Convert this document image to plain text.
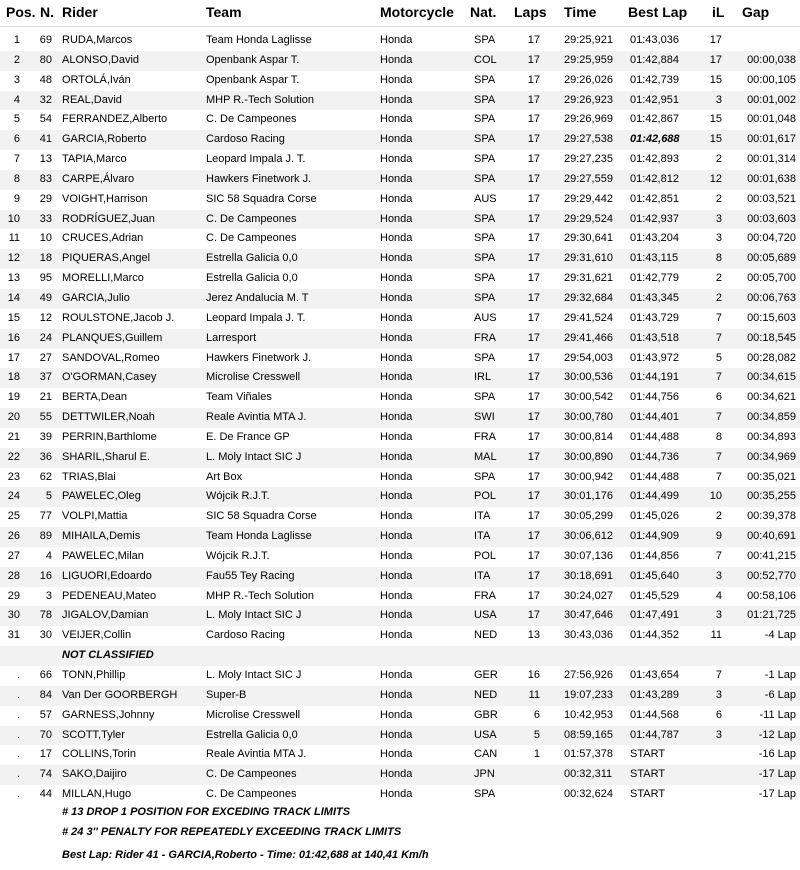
Pos. N. Rider	Team	Motorcycle Nat. Laps Time Best Lap iL Gap
1	69 RUDA,Marcos	Team Honda Laglisse	Honda	SPA	17 29:25,921	01:43,036	17
2	80 ALONSO,David	Openbank Aspar T.	Honda	COL	17 29:25,959	01:42,884	17	00:00,038
3	48 ORTOLÁ,Iván	Openbank Aspar T.	Honda	SPA	17 29:26,026	01:42,739	15	00:00,105
4	32 REAL,David	MHP R.-Tech Solution	Honda	SPA	17 29:26,923	01:42,951	3	00:01,002
5	54 FERRANDEZ,Alberto	C. De Campeones	Honda	SPA	17 29:26,969	01:42,867	15	00:01,048
6	41 GARCIA,Roberto	Cardoso Racing	Honda	SPA	17 29:27,538	01:42,688	15	00:01,617
7	13 TAPIA,Marco	Leopard Impala J. T.	Honda	SPA	17 29:27,235	01:42,893	2	00:01,314
8	83 CARPE,Álvaro	Hawkers Finetwork J.	Honda	SPA	17 29:27,559	01:42,812	12	00:01,638
9	29 VOIGHT,Harrison	SIC 58 Squadra Corse	Honda	AUS	17 29:29,442	01:42,851	2	00:03,521
10	33 RODRÍGUEZ,Juan	C. De Campeones	Honda	SPA	17 29:29,524	01:42,937	3	00:03,603
11	10 CRUCES,Adrian	C. De Campeones	Honda	SPA	17 29:30,641	01:43,204	3	00:04,720
12	18 PIQUERAS,Angel	Estrella Galicia 0,0	Honda	SPA	17 29:31,610	01:43,115	8	00:05,689
13	95 MORELLI,Marco	Estrella Galicia 0,0	Honda	SPA	17 29:31,621	01:42,779	2	00:05,700
14	49 GARCIA,Julio	Jerez Andalucia M. T	Honda	SPA	17 29:32,684	01:43,345	2	00:06,763
15	12 ROULSTONE,Jacob J.	Leopard Impala J. T.	Honda	AUS	17 29:41,524	01:43,729	7	00:15,603
16	24 PLANQUES,Guillem	Larresport	Honda	FRA	17 29:41,466	01:43,518	7	00:18,545
17	27 SANDOVAL,Romeo	Hawkers Finetwork J.	Honda	SPA	17 29:54,003	01:43,972	5	00:28,082
18	37 O'GORMAN,Casey	Microlise Cresswell	Honda	IRL	17 30:00,536	01:44,191	7	00:34,615
19	21 BERTA,Dean	Team Viñales	Honda	SPA	17 30:00,542	01:44,756	6	00:34,621
20	55 DETTWILER,Noah	Reale Avintia MTA J.	Honda	SWI	17 30:00,780	01:44,401	7	00:34,859
21	39 PERRIN,Barthlome	E. De France GP	Honda	FRA	17 30:00,814	01:44,488	8	00:34,893
22	36 SHARIL,Sharul E.	L. Moly Intact SIC J	Honda	MAL	17 30:00,890	01:44,736	7	00:34,969
23	62 TRIAS,Blai	Art Box	Honda	SPA	17 30:00,942	01:44,488	7	00:35,021
24	5 PAWELEC,Oleg	Wójcik R.J.T.	Honda	POL	17 30:01,176	01:44,499	10	00:35,255
25	77 VOLPI,Mattia	SIC 58 Squadra Corse	Honda	ITA	17 30:05,299	01:45,026	2	00:39,378
26	89 MIHAILA,Demis	Team Honda Laglisse	Honda	ITA	17 30:06,612	01:44,909	9	00:40,691
27	4 PAWELEC,Milan	Wójcik R.J.T.	Honda	POL	17 30:07,136	01:44,856	7	00:41,215
28	16 LIGUORI,Edoardo	Fau55 Tey Racing	Honda	ITA	17 30:18,691	01:45,640	3	00:52,770
29	3 PEDENEAU,Mateo	MHP R.-Tech Solution	Honda	FRA	17 30:24,027	01:45,529	4	00:58,106
30	78 JIGALOV,Damian	L. Moly Intact SIC J	Honda	USA	17 30:47,646	01:47,491	3	01:21,725
31	30 VEIJER,Collin	Cardoso Racing	Honda	NED	13 30:43,036	01:44,352	11	-4 Lap
NOT CLASSIFIED
.	66 TONN,Phillip	L. Moly Intact SIC J	Honda	GER	16 27:56,926	01:43,654	7	-1 Lap
.	84 Van Der GOORBERGH	Super-B	Honda	NED	11 19:07,233	01:43,289	3	-6 Lap
.	57 GARNESS,Johnny	Microlise Cresswell	Honda	GBR	6 10:42,953	01:44,568	6	-11 Lap
.	70 SCOTT,Tyler	Estrella Galicia 0,0	Honda	USA	5 08:59,165	01:44,787	3	-12 Lap
.	17 COLLINS,Torin	Reale Avintia MTA J.	Honda	CAN	1 01:57,378	START	-16 Lap
.	74 SAKO,Daijiro	C. De Campeones	Honda	JPN	00:32,311	START	-17 Lap
.	44 MILLAN,Hugo	C. De Campeones	Honda	SPA	00:32,624	START	-17 Lap
# 13 DROP 1 POSITION FOR EXCEDING TRACK LIMITS
# 24 3'' PENALTY FOR REPEATEDLY EXCEEDING TRACK LIMITS
Best Lap: Rider 41 - GARCIA,Roberto - Time: 01:42,688 at 140,41 Km/h
